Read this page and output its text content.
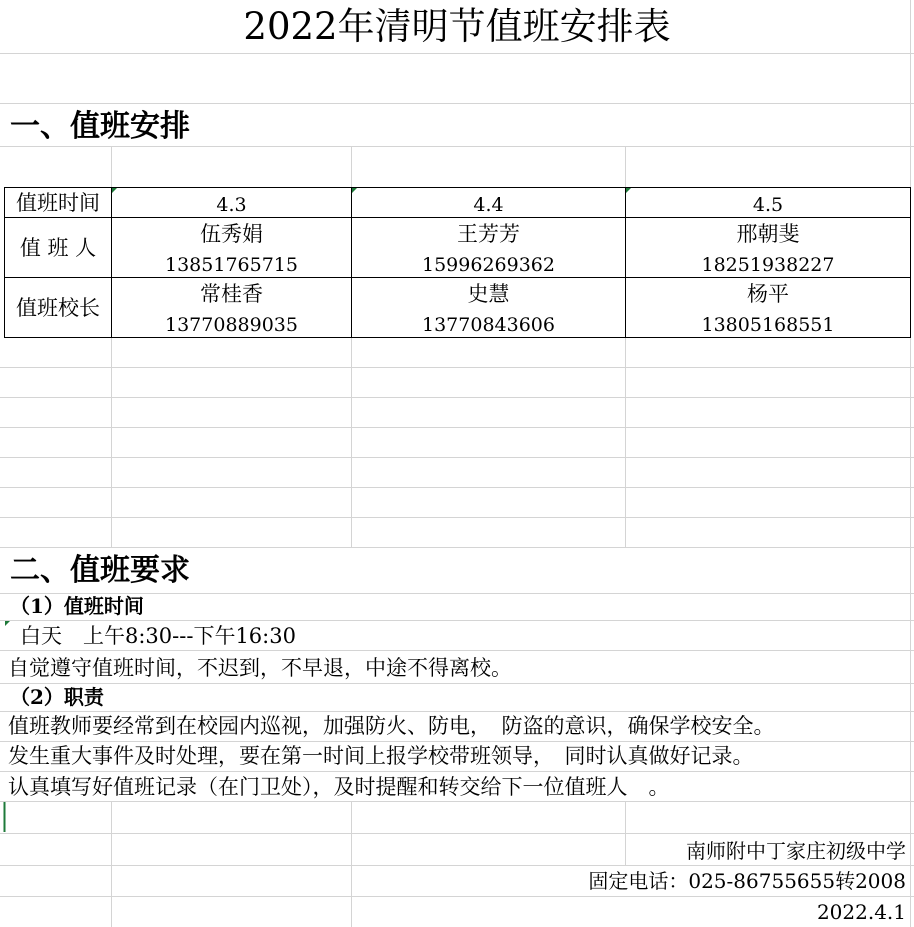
2022年清明节值班安排表
一、值班安排
值班时间
值 班 人
值班校长
4.3	4.4	4.5
伍秀娟
13851765715
王芳芳
15996269362
邢朝斐
18251938227
常桂香
13770889035
史慧
13770843606
杨平
13805168551
二、值班要求
（1）值班时间
白天　上午8:30---下午16:30
自觉遵守值班时间，不迟到，不早退，中途不得离校。
（2）职责
值班教师要经常到在校园内巡视，加强防火、防电，　防盗的意识，确保学校安全。
发生重大事件及时处理，要在第一时间上报学校带班领导，　同时认真做好记录。
认真填写好值班记录（在门卫处），及时提醒和转交给下一位值班人　。
南师附中丁家庄初级中学
固定电话：025-86755655转2008
2022.4.1
